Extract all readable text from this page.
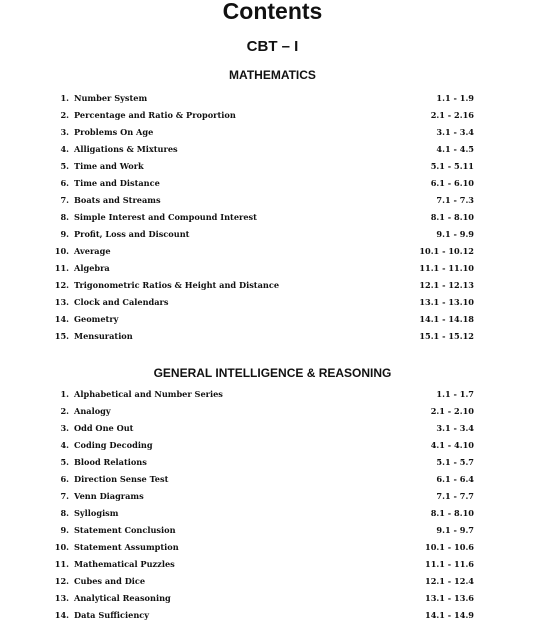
Contents
CBT – I
MATHEMATICS
1. Number System	1.1 - 1.9
2. Percentage and Ratio & Proportion	2.1 - 2.16
3. Problems On Age	3.1 - 3.4
4. Alligations & Mixtures	4.1 - 4.5
5. Time and Work	5.1 - 5.11
6. Time and Distance	6.1 - 6.10
7. Boats and Streams	7.1 - 7.3
8. Simple Interest and Compound Interest	8.1 - 8.10
9. Profit, Loss and Discount	9.1 - 9.9
10. Average	10.1 - 10.12
11. Algebra	11.1 - 11.10
12. Trigonometric Ratios & Height and Distance	12.1 - 12.13
13. Clock and Calendars	13.1 - 13.10
14. Geometry	14.1 - 14.18
15. Mensuration	15.1 - 15.12
GENERAL INTELLIGENCE & REASONING
1. Alphabetical and Number Series	1.1 - 1.7
2. Analogy	2.1 - 2.10
3. Odd One Out	3.1 - 3.4
4. Coding Decoding	4.1 - 4.10
5. Blood Relations	5.1 - 5.7
6. Direction Sense Test	6.1 - 6.4
7. Venn Diagrams	7.1 - 7.7
8. Syllogism	8.1 - 8.10
9. Statement Conclusion	9.1 - 9.7
10. Statement Assumption	10.1 - 10.6
11. Mathematical Puzzles	11.1 - 11.6
12. Cubes and Dice	12.1 - 12.4
13. Analytical Reasoning	13.1 - 13.6
14. Data Sufficiency	14.1 - 14.9
